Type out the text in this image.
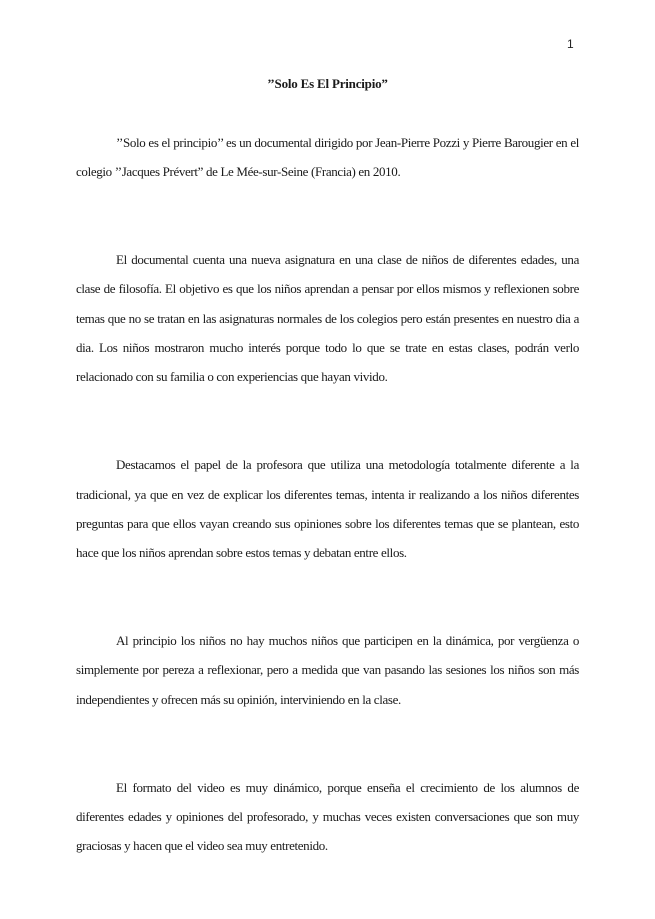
1
’’Solo Es El Principio”

’’Solo es el principio’’ es un documental dirigido por Jean-Pierre Pozzi y Pierre Barougier en el colegio ’’Jacques Prévert” de Le Mée-sur-Seine (Francia) en 2010.

El documental cuenta una nueva asignatura en una clase de niños de diferentes edades, una clase de filosofía. El objetivo es que los niños aprendan a pensar por ellos mismos y reflexionen sobre temas que no se tratan en las asignaturas normales de los colegios pero están presentes en nuestro dia a dia. Los niños mostraron mucho interés porque todo lo que se trate en estas clases, podrán verlo relacionado con su familia o con experiencias que hayan vivido.

Destacamos el papel de la profesora que utiliza una metodología totalmente diferente a la tradicional, ya que en vez de explicar los diferentes temas, intenta ir realizando a los niños diferentes preguntas para que ellos vayan creando sus opiniones sobre los diferentes temas que se plantean, esto hace que los niños aprendan sobre estos temas y debatan entre ellos.

Al principio los niños no hay muchos niños que participen en la dinámica, por vergüenza o simplemente por pereza a reflexionar, pero a medida que van pasando las sesiones los niños son más independientes y ofrecen más su opinión, interviniendo en la clase.

El formato del video es muy dinámico, porque enseña el crecimiento de los alumnos de diferentes edades y opiniones del profesorado, y muchas veces existen conversaciones que son muy graciosas y hacen que el video sea muy entretenido.
